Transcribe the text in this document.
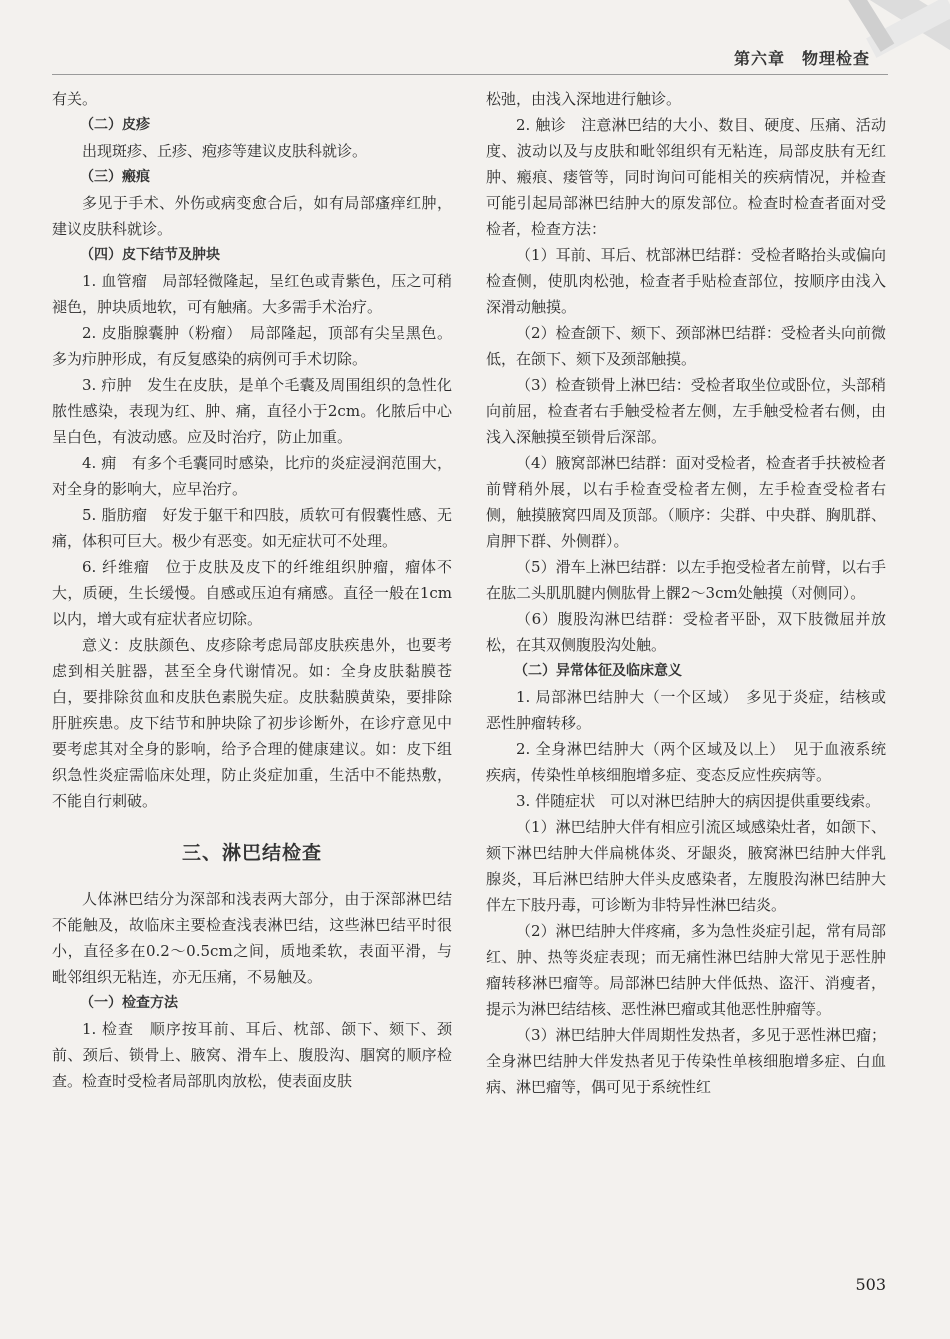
第六章　物理检查

有关。

（二）皮疹

出现斑疹、丘疹、疱疹等建议皮肤科就诊。

（三）瘢痕

多见于手术、外伤或病变愈合后，如有局部瘙痒红肿，建议皮肤科就诊。

（四）皮下结节及肿块

1. 血管瘤　局部轻微隆起，呈红色或青紫色，压之可稍褪色，肿块质地软，可有触痛。大多需手术治疗。

2. 皮脂腺囊肿（粉瘤）　局部隆起，顶部有尖呈黑色。多为疖肿形成，有反复感染的病例可手术切除。

3. 疖肿　发生在皮肤，是单个毛囊及周围组织的急性化脓性感染，表现为红、肿、痛，直径小于2cm。化脓后中心呈白色，有波动感。应及时治疗，防止加重。

4. 痈　有多个毛囊同时感染，比疖的炎症浸润范围大，对全身的影响大，应早治疗。

5. 脂肪瘤　好发于躯干和四肢，质软可有假囊性感、无痛，体积可巨大。极少有恶变。如无症状可不处理。

6. 纤维瘤　位于皮肤及皮下的纤维组织肿瘤，瘤体不大，质硬，生长缓慢。自感或压迫有痛感。直径一般在1cm以内，增大或有症状者应切除。

意义：皮肤颜色、皮疹除考虑局部皮肤疾患外，也要考虑到相关脏器，甚至全身代谢情况。如：全身皮肤黏膜苍白，要排除贫血和皮肤色素脱失症。皮肤黏膜黄染，要排除肝脏疾患。皮下结节和肿块除了初步诊断外，在诊疗意见中要考虑其对全身的影响，给予合理的健康建议。如：皮下组织急性炎症需临床处理，防止炎症加重，生活中不能热敷，不能自行刺破。

三、淋巴结检查

人体淋巴结分为深部和浅表两大部分，由于深部淋巴结不能触及，故临床主要检查浅表淋巴结，这些淋巴结平时很小，直径多在0.2～0.5cm之间，质地柔软，表面平滑，与毗邻组织无粘连，亦无压痛，不易触及。

（一）检查方法

1. 检查　顺序按耳前、耳后、枕部、颌下、颏下、颈前、颈后、锁骨上、腋窝、滑车上、腹股沟、腘窝的顺序检查。检查时受检者局部肌肉放松，使表面皮肤

松弛，由浅入深地进行触诊。

2. 触诊　注意淋巴结的大小、数目、硬度、压痛、活动度、波动以及与皮肤和毗邻组织有无粘连，局部皮肤有无红肿、瘢痕、瘘管等，同时询问可能相关的疾病情况，并检查可能引起局部淋巴结肿大的原发部位。检查时检查者面对受检者，检查方法：

（1）耳前、耳后、枕部淋巴结群：受检者略抬头或偏向检查侧，使肌肉松弛，检查者手贴检查部位，按顺序由浅入深滑动触摸。

（2）检查颌下、颏下、颈部淋巴结群：受检者头向前微低，在颌下、颏下及颈部触摸。

（3）检查锁骨上淋巴结：受检者取坐位或卧位，头部稍向前屈，检查者右手触受检者左侧，左手触受检者右侧，由浅入深触摸至锁骨后深部。

（4）腋窝部淋巴结群：面对受检者，检查者手扶被检者前臂稍外展，以右手检查受检者左侧，左手检查受检者右侧，触摸腋窝四周及顶部。（顺序：尖群、中央群、胸肌群、肩胛下群、外侧群）。

（5）滑车上淋巴结群：以左手抱受检者左前臂，以右手在肱二头肌肌腱内侧肱骨上髁2～3cm处触摸（对侧同）。

（6）腹股沟淋巴结群：受检者平卧，双下肢微屈并放松，在其双侧腹股沟处触。

（二）异常体征及临床意义

1. 局部淋巴结肿大（一个区域）　多见于炎症，结核或恶性肿瘤转移。

2. 全身淋巴结肿大（两个区域及以上）　见于血液系统疾病，传染性单核细胞增多症、变态反应性疾病等。

3. 伴随症状　可以对淋巴结肿大的病因提供重要线索。

（1）淋巴结肿大伴有相应引流区域感染灶者，如颌下、颏下淋巴结肿大伴扁桃体炎、牙龈炎，腋窝淋巴结肿大伴乳腺炎，耳后淋巴结肿大伴头皮感染者，左腹股沟淋巴结肿大伴左下肢丹毒，可诊断为非特异性淋巴结炎。

（2）淋巴结肿大伴疼痛，多为急性炎症引起，常有局部红、肿、热等炎症表现；而无痛性淋巴结肿大常见于恶性肿瘤转移淋巴瘤等。局部淋巴结肿大伴低热、盗汗、消瘦者，提示为淋巴结结核、恶性淋巴瘤或其他恶性肿瘤等。

（3）淋巴结肿大伴周期性发热者，多见于恶性淋巴瘤；全身淋巴结肿大伴发热者见于传染性单核细胞增多症、白血病、淋巴瘤等，偶可见于系统性红

503
